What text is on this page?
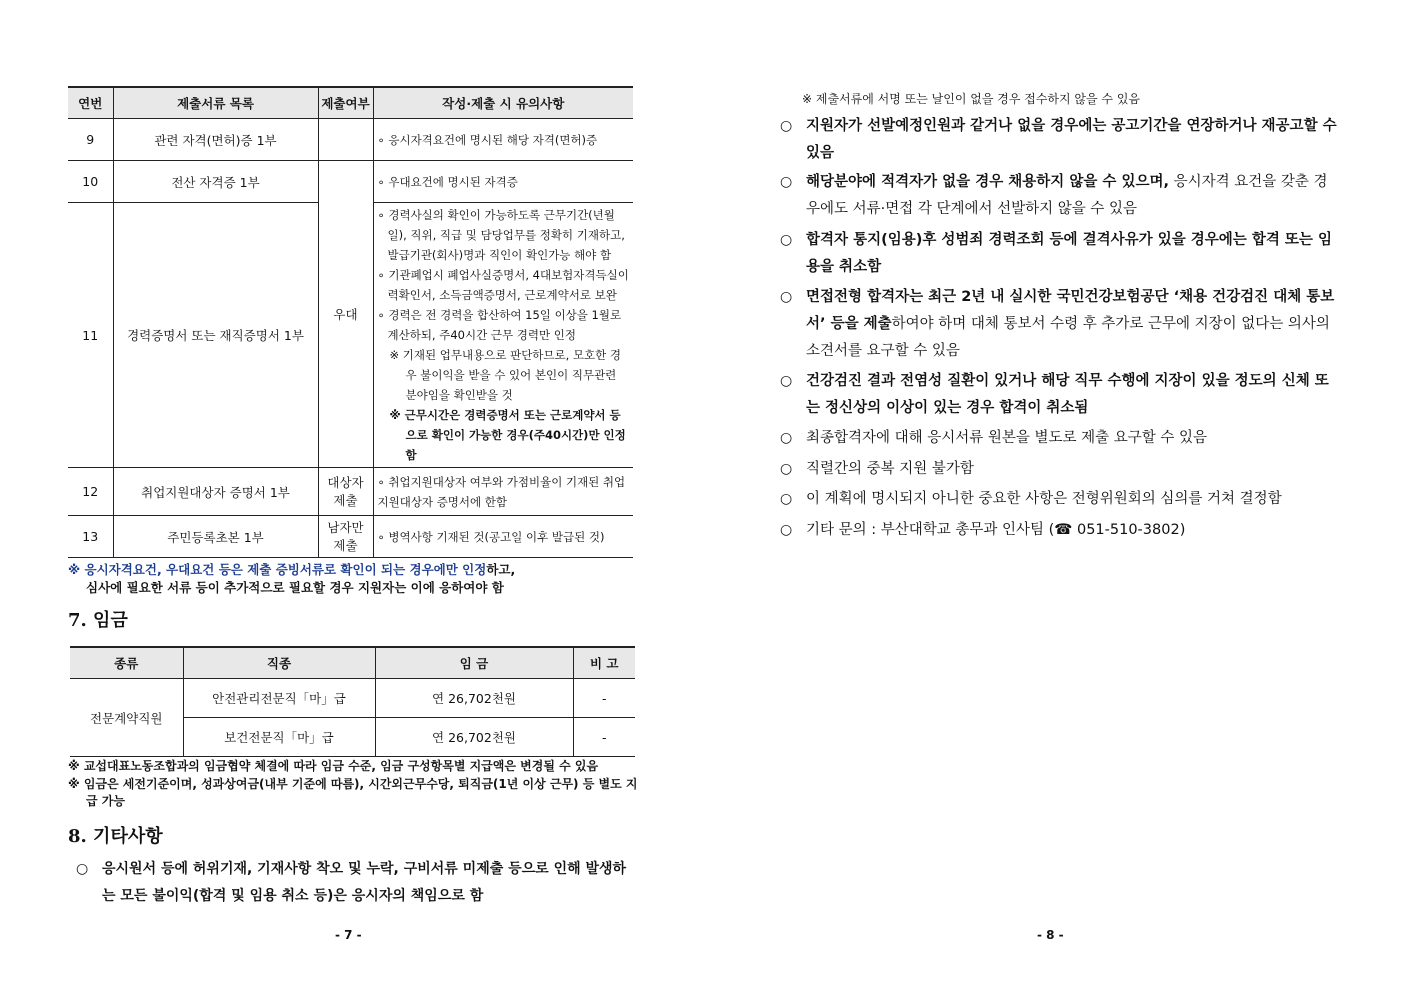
연번	제출서류 목록	제출여부	작성·제출 시 유의사항
9	관련 자격(면허)증 1부		∘ 응시자격요건에 명시된 해당 자격(면허)증
10	전산 자격증 1부	우대	∘ 우대요건에 명시된 자격증
11	경력증명서 또는 재직증명서 1부		∘ 경력사실의 확인이 가능하도록 근무기간(년월일), 직위, 직급 및 담당업무를 정확히 기재하고, 발급기관(회사)명과 직인이 확인가능 해야 함
∘ 기관폐업시 폐업사실증명서, 4대보험자격득실이력확인서, 소득금액증명서, 근로계약서로 보완
∘ 경력은 전 경력을 합산하여 15일 이상을 1월로 계산하되, 주40시간 근무 경력만 인정
※ 기재된 업무내용으로 판단하므로, 모호한 경우 불이익을 받을 수 있어 본인이 직무관련 분야임을 확인받을 것
※ 근무시간은 경력증명서 또는 근로계약서 등으로 확인이 가능한 경우(주40시간)만 인정함

12	취업지원대상자 증명서 1부	대상자 제출	∘ 취업지원대상자 여부와 가점비율이 기재된 취업지원대상자 증명서에 한함
13	주민등록초본 1부	남자만 제출	∘ 병역사항 기재된 것(공고일 이후 발급된 것)
※ 응시자격요건, 우대요건 등은 제출 증빙서류로 확인이 되는 경우에만 인정하고,
심사에 필요한 서류 등이 추가적으로 필요할 경우 지원자는 이에 응하여야 함
7. 임금
종류	직종	임 금	비 고
전문계약직원	안전관리전문직「마」급	연 26,702천원	-
	보건전문직「마」급	연 26,702천원	-
※ 교섭대표노동조합과의 임금협약 체결에 따라 임금 수준, 임금 구성항목별 지급액은 변경될 수 있음
※ 임금은 세전기준이며, 성과상여금(내부 기준에 따름), 시간외근무수당, 퇴직금(1년 이상 근무) 등 별도 지급 가능
8. 기타사항
○ 응시원서 등에 허위기재, 기재사항 착오 및 누락, 구비서류 미제출 등으로 인해 발생하는 모든 불이익(합격 및 임용 취소 등)은 응시자의 책임으로 함
- 7 -
※ 제출서류에 서명 또는 날인이 없을 경우 접수하지 않을 수 있음
○ 지원자가 선발예정인원과 같거나 없을 경우에는 공고기간을 연장하거나 재공고할 수 있음
○ 해당분야에 적격자가 없을 경우 채용하지 않을 수 있으며, 응시자격 요건을 갖춘 경우에도 서류·면접 각 단계에서 선발하지 않을 수 있음
○ 합격자 통지(임용)후 성범죄 경력조회 등에 결격사유가 있을 경우에는 합격 또는 임용을 취소함
○ 면접전형 합격자는 최근 2년 내 실시한 국민건강보험공단 ‘채용 건강검진 대체 통보서’ 등을 제출하여야 하며 대체 통보서 수령 후 추가로 근무에 지장이 없다는 의사의 소견서를 요구할 수 있음
○ 건강검진 결과 전염성 질환이 있거나 해당 직무 수행에 지장이 있을 정도의 신체 또는 정신상의 이상이 있는 경우 합격이 취소됨
○ 최종합격자에 대해 응시서류 원본을 별도로 제출 요구할 수 있음
○ 직렬간의 중복 지원 불가함
○ 이 계획에 명시되지 아니한 중요한 사항은 전형위원회의 심의를 거쳐 결정함
○ 기타 문의 : 부산대학교 총무과 인사팀 (☎ 051-510-3802)
- 8 -
